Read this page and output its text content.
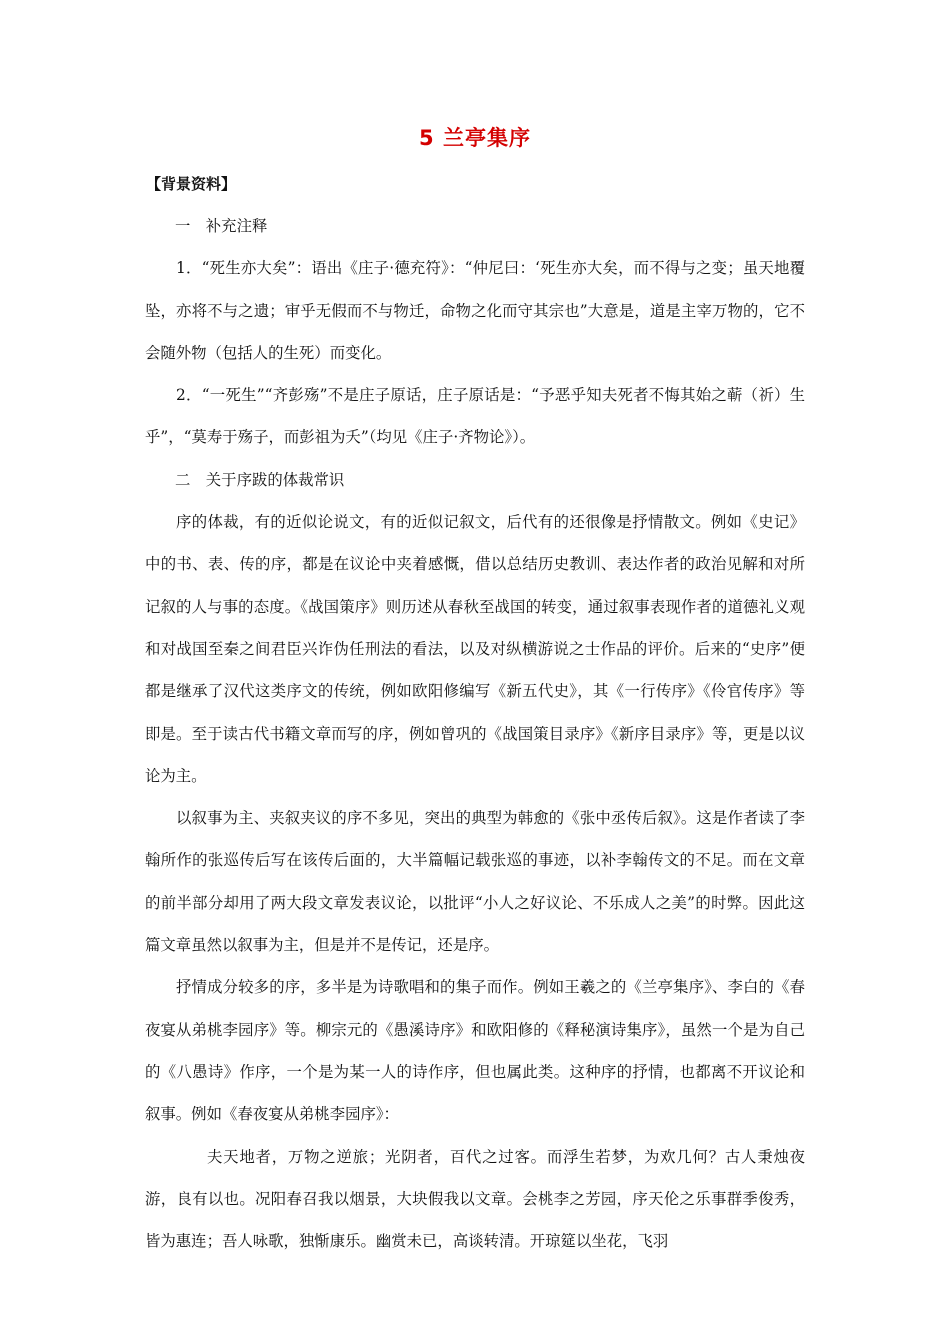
5 兰亭集序
【背景资料】

一　补充注释

1．“死生亦大矣”：语出《庄子·德充符》：“仲尼曰：‘死生亦大矣，而不得与之变；虽天地覆坠，亦将不与之遗；审乎无假而不与物迁，命物之化而守其宗也”大意是，道是主宰万物的，它不会随外物（包括人的生死）而变化。

2．“一死生”“齐彭殇”不是庄子原话，庄子原话是：“予恶乎知夫死者不悔其始之蕲（祈）生乎”，“莫寿于殇子，而彭祖为夭”（均见《庄子·齐物论》）。

二　关于序跋的体裁常识

序的体裁，有的近似论说文，有的近似记叙文，后代有的还很像是抒情散文。例如《史记》中的书、表、传的序，都是在议论中夹着感慨，借以总结历史教训、表达作者的政治见解和对所记叙的人与事的态度。《战国策序》则历述从春秋至战国的转变，通过叙事表现作者的道德礼义观和对战国至秦之间君臣兴诈伪任刑法的看法，以及对纵横游说之士作品的评价。后来的“史序”便都是继承了汉代这类序文的传统，例如欧阳修编写《新五代史》，其《一行传序》《伶官传序》等即是。至于读古代书籍文章而写的序，例如曾巩的《战国策目录序》《新序目录序》等，更是以议论为主。

以叙事为主、夹叙夹议的序不多见，突出的典型为韩愈的《张中丞传后叙》。这是作者读了李翰所作的张巡传后写在该传后面的，大半篇幅记载张巡的事迹，以补李翰传文的不足。而在文章的前半部分却用了两大段文章发表议论，以批评“小人之好议论、不乐成人之美”的时弊。因此这篇文章虽然以叙事为主，但是并不是传记，还是序。

抒情成分较多的序，多半是为诗歌唱和的集子而作。例如王羲之的《兰亭集序》、李白的《春夜宴从弟桃李园序》等。柳宗元的《愚溪诗序》和欧阳修的《释秘演诗集序》，虽然一个是为自己的《八愚诗》作序，一个是为某一人的诗作序，但也属此类。这种序的抒情，也都离不开议论和叙事。例如《春夜宴从弟桃李园序》：

夫天地者，万物之逆旅；光阴者，百代之过客。而浮生若梦，为欢几何？古人秉烛夜游，良有以也。况阳春召我以烟景，大块假我以文章。会桃李之芳园，序天伦之乐事群季俊秀，皆为惠连；吾人咏歌，独惭康乐。幽赏未已，高谈转清。开琼筵以坐花，飞羽
